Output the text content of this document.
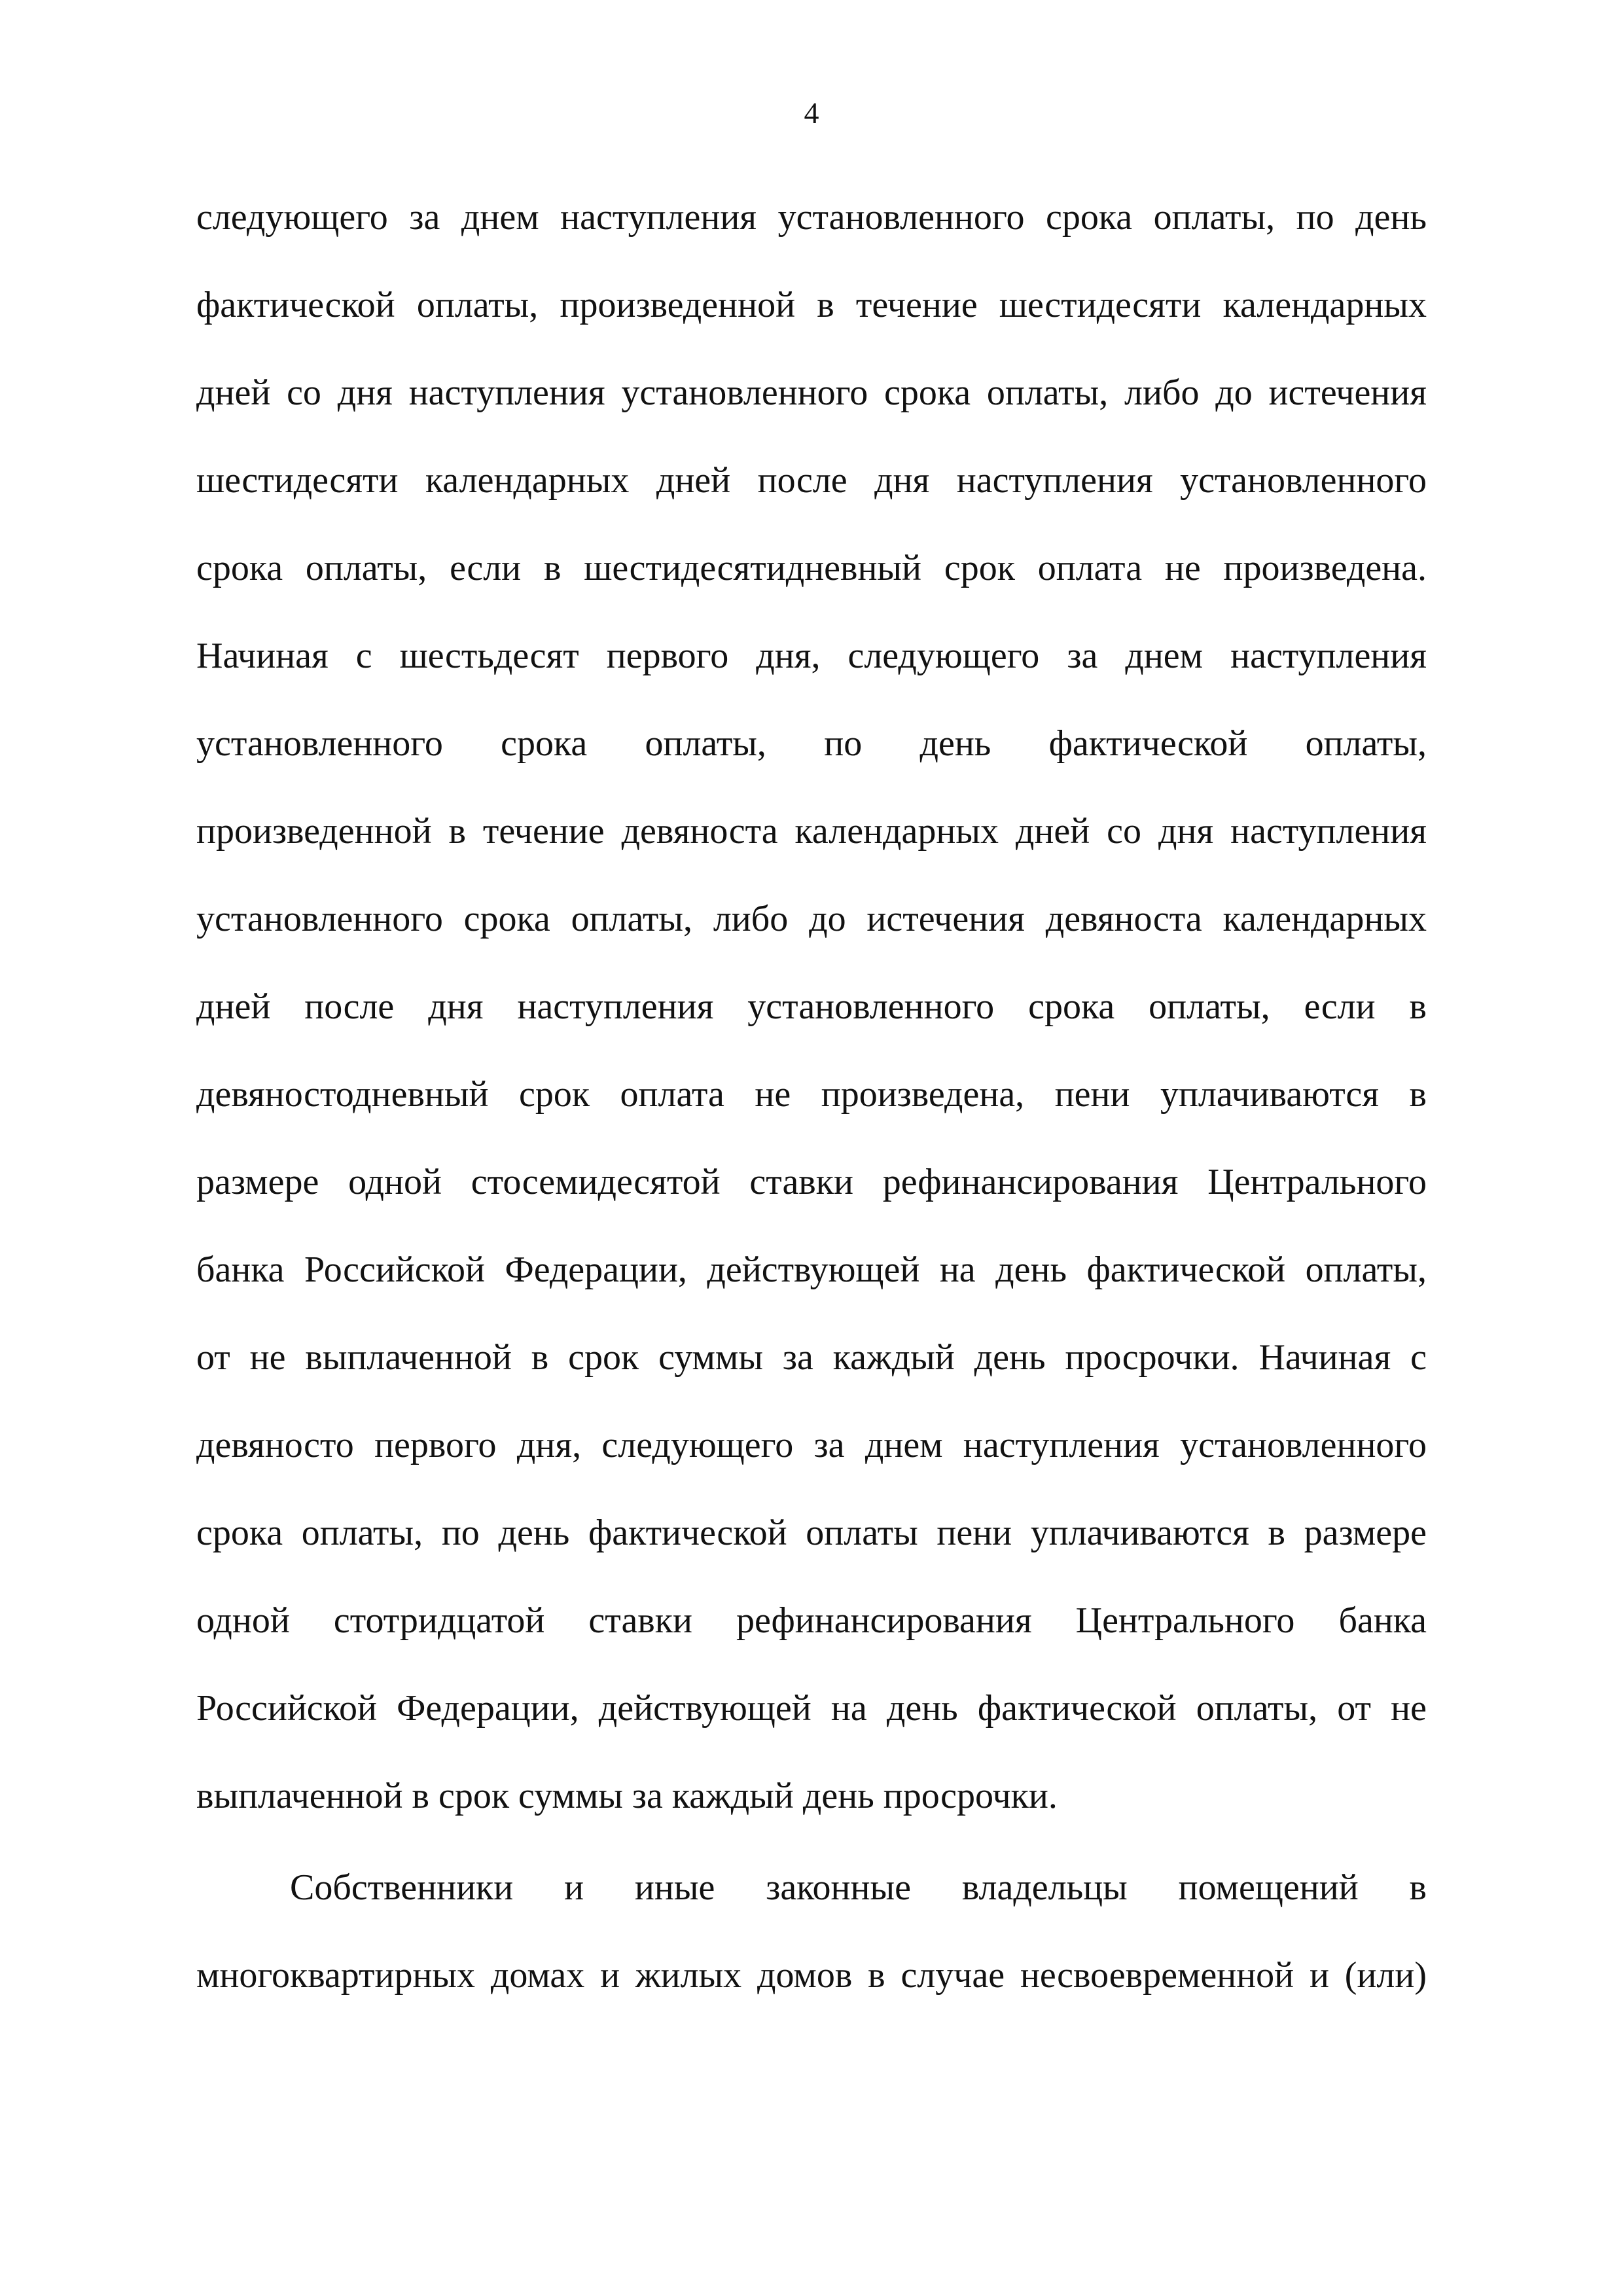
4
следующего за днем наступления установленного срока оплаты, по день
фактической оплаты, произведенной в течение шестидесяти календарных
дней со дня наступления установленного срока оплаты, либо до истечения
шестидесяти календарных дней после дня наступления установленного
срока оплаты, если в шестидесятидневный срок оплата не произведена.
Начиная с шестьдесят первого дня, следующего за днем наступления
установленного срока оплаты, по день фактической оплаты,
произведенной в течение девяноста календарных дней со дня наступления
установленного срока оплаты, либо до истечения девяноста календарных
дней после дня наступления установленного срока оплаты, если в
девяностодневный срок оплата не произведена, пени уплачиваются в
размере одной стосемидесятой ставки рефинансирования Центрального
банка Российской Федерации, действующей на день фактической оплаты,
от не выплаченной в срок суммы за каждый день просрочки. Начиная с
девяносто первого дня, следующего за днем наступления установленного
срока оплаты, по день фактической оплаты пени уплачиваются в размере
одной стотридцатой ставки рефинансирования Центрального банка
Российской Федерации, действующей на день фактической оплаты, от не
выплаченной в срок суммы за каждый день просрочки.
Собственники и иные законные владельцы помещений в
многоквартирных домах и жилых домов в случае несвоевременной и (или)
